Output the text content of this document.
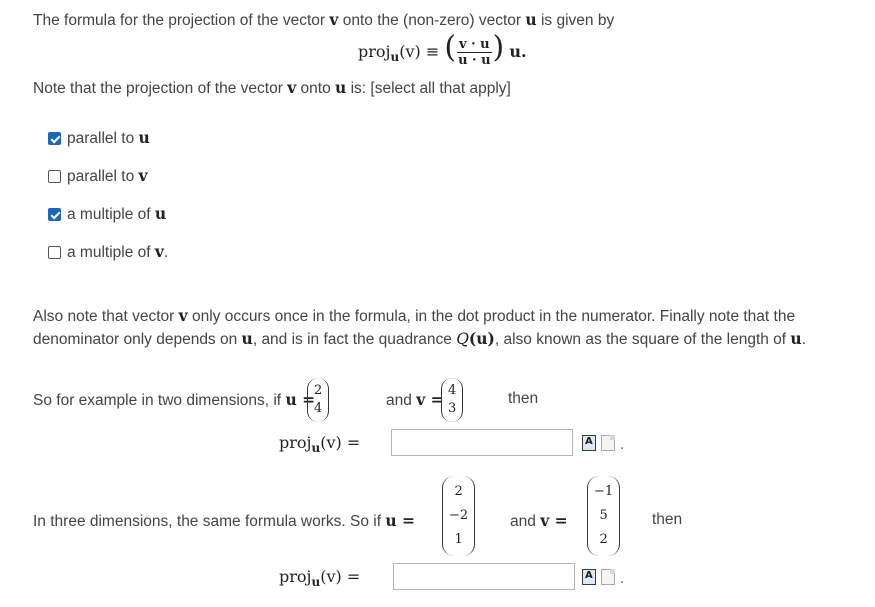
The formula for the projection of the vector v onto the (non-zero) vector u is given by
proj$_u$(v) ≡ ( $\frac{v \cdot u}{u \cdot u}$ ) u.
Note that the projection of the vector v onto u is: [select all that apply]
parallel to u
parallel to v
a multiple of u
a multiple of v.
Also note that vector v only occurs once in the formula, in the dot product in the numerator. Finally note that the
denominator only depends on u, and is in fact the quadrance Q(u), also known as the square of the length of u.
So for example in two dimensions, if u =
2
4	and v = 4
3
then
proj$_u$(v) = A	.
In three dimensions, the same formula works. So if u =
2
−2
1
and v =
−1
5
2
then
proj$_u$(v) = A	.
